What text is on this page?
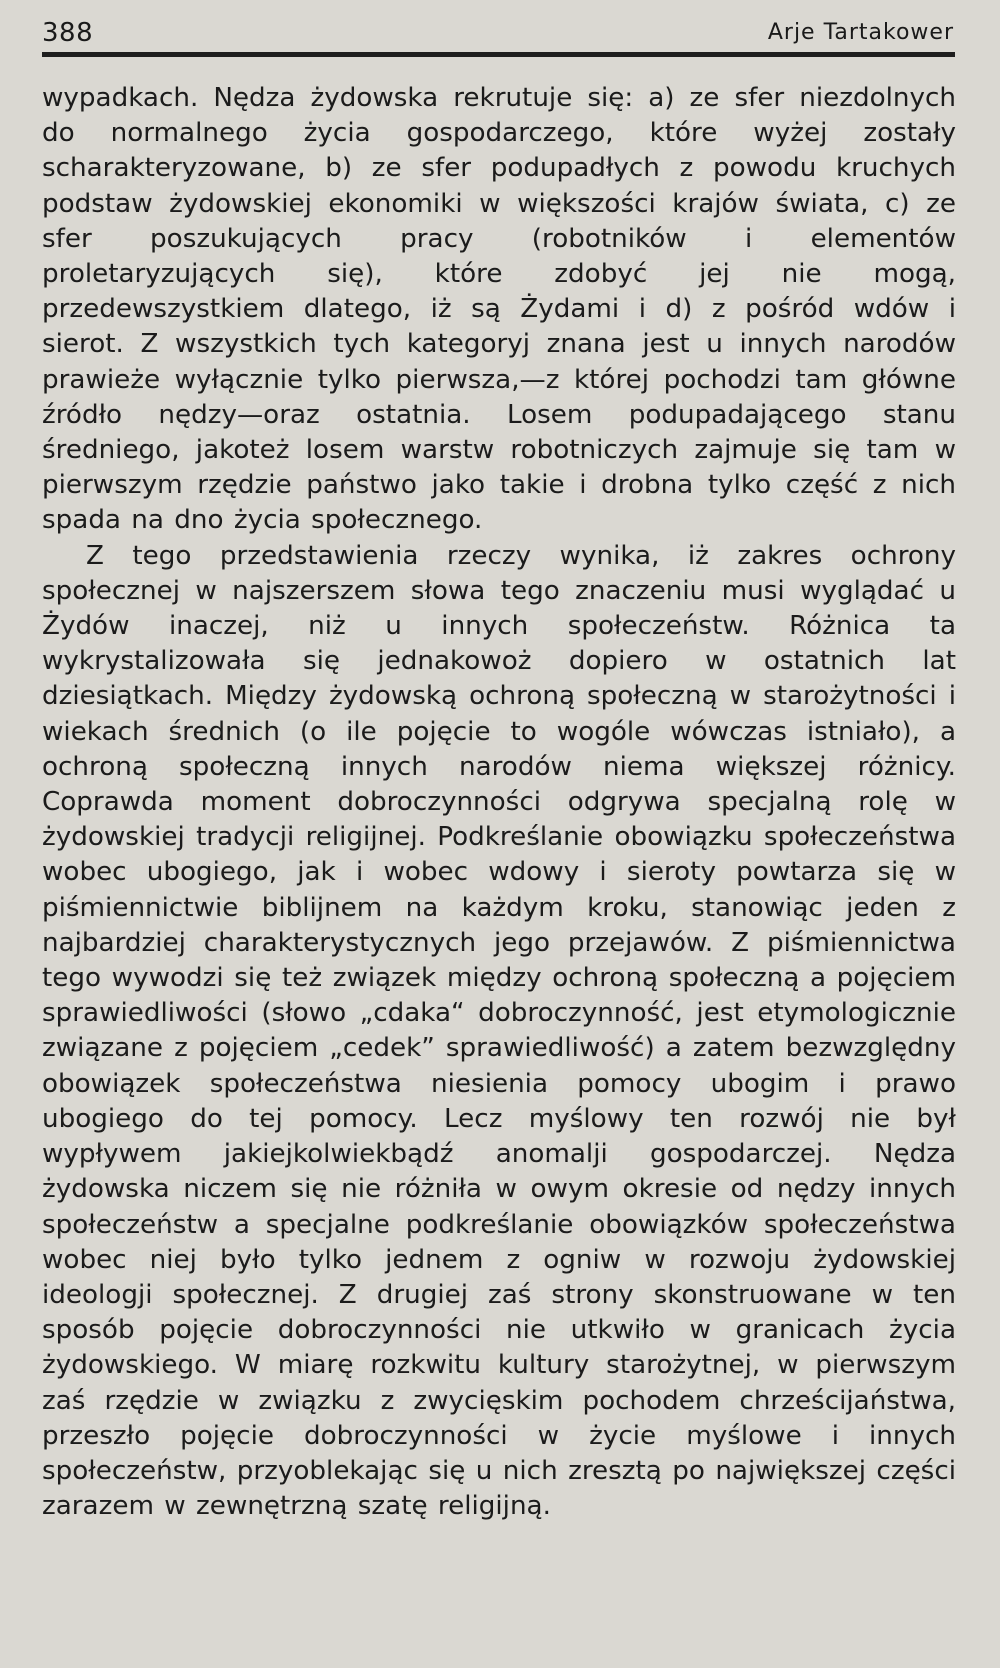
388	Arje Tartakower

wypadkach. Nędza żydowska rekrutuje się: a) ze sfer niezdolnych do normalnego życia gospodarczego, które wyżej zostały scharakteryzowane, b) ze sfer podupadłych z powodu kruchych podstaw żydowskiej ekonomiki w większości krajów świata, c) ze sfer poszukujących pracy (robotników i elementów proletaryzujących się), które zdobyć jej nie mogą, przedewszystkiem dlatego, iż są Żydami i d) z pośród wdów i sierot. Z wszystkich tych kategoryj znana jest u innych narodów prawieże wyłącznie tylko pierwsza,—z której pochodzi tam główne źródło nędzy—oraz ostatnia. Losem podupadającego stanu średniego, jakoteż losem warstw robotniczych zajmuje się tam w pierwszym rzędzie państwo jako takie i drobna tylko część z nich spada na dno życia społecznego.

Z tego przedstawienia rzeczy wynika, iż zakres ochrony społecznej w najszerszem słowa tego znaczeniu musi wyglądać u Żydów inaczej, niż u innych społeczeństw. Różnica ta wykrystalizowała się jednakowoż dopiero w ostatnich lat dziesiątkach. Między żydowską ochroną społeczną w starożytności i wiekach średnich (o ile pojęcie to wogóle wówczas istniało), a ochroną społeczną innych narodów niema większej różnicy. Coprawda moment dobroczynności odgrywa specjalną rolę w żydowskiej tradycji religijnej. Podkreślanie obowiązku społeczeństwa wobec ubogiego, jak i wobec wdowy i sieroty powtarza się w piśmiennictwie biblijnem na każdym kroku, stanowiąc jeden z najbardziej charakterystycznych jego przejawów. Z piśmiennictwa tego wywodzi się też związek między ochroną społeczną a pojęciem sprawiedliwości (słowo „cdaka“ dobroczynność, jest etymologicznie związane z pojęciem „cedek” sprawiedliwość) a zatem bezwzględny obowiązek społeczeństwa niesienia pomocy ubogim i prawo ubogiego do tej pomocy. Lecz myślowy ten rozwój nie był wypływem jakiejkolwiekbądź anomalji gospodarczej. Nędza żydowska niczem się nie różniła w owym okresie od nędzy innych społeczeństw a specjalne podkreślanie obowiązków społeczeństwa wobec niej było tylko jednem z ogniw w rozwoju żydowskiej ideologji społecznej. Z drugiej zaś strony skonstruowane w ten sposób pojęcie dobroczynności nie utkwiło w granicach życia żydowskiego. W miarę rozkwitu kultury starożytnej, w pierwszym zaś rzędzie w związku z zwycięskim pochodem chrześcijaństwa, przeszło pojęcie dobroczynności w życie myślowe i innych społeczeństw, przyoblekając się u nich zresztą po największej części zarazem w zewnętrzną szatę religijną.
